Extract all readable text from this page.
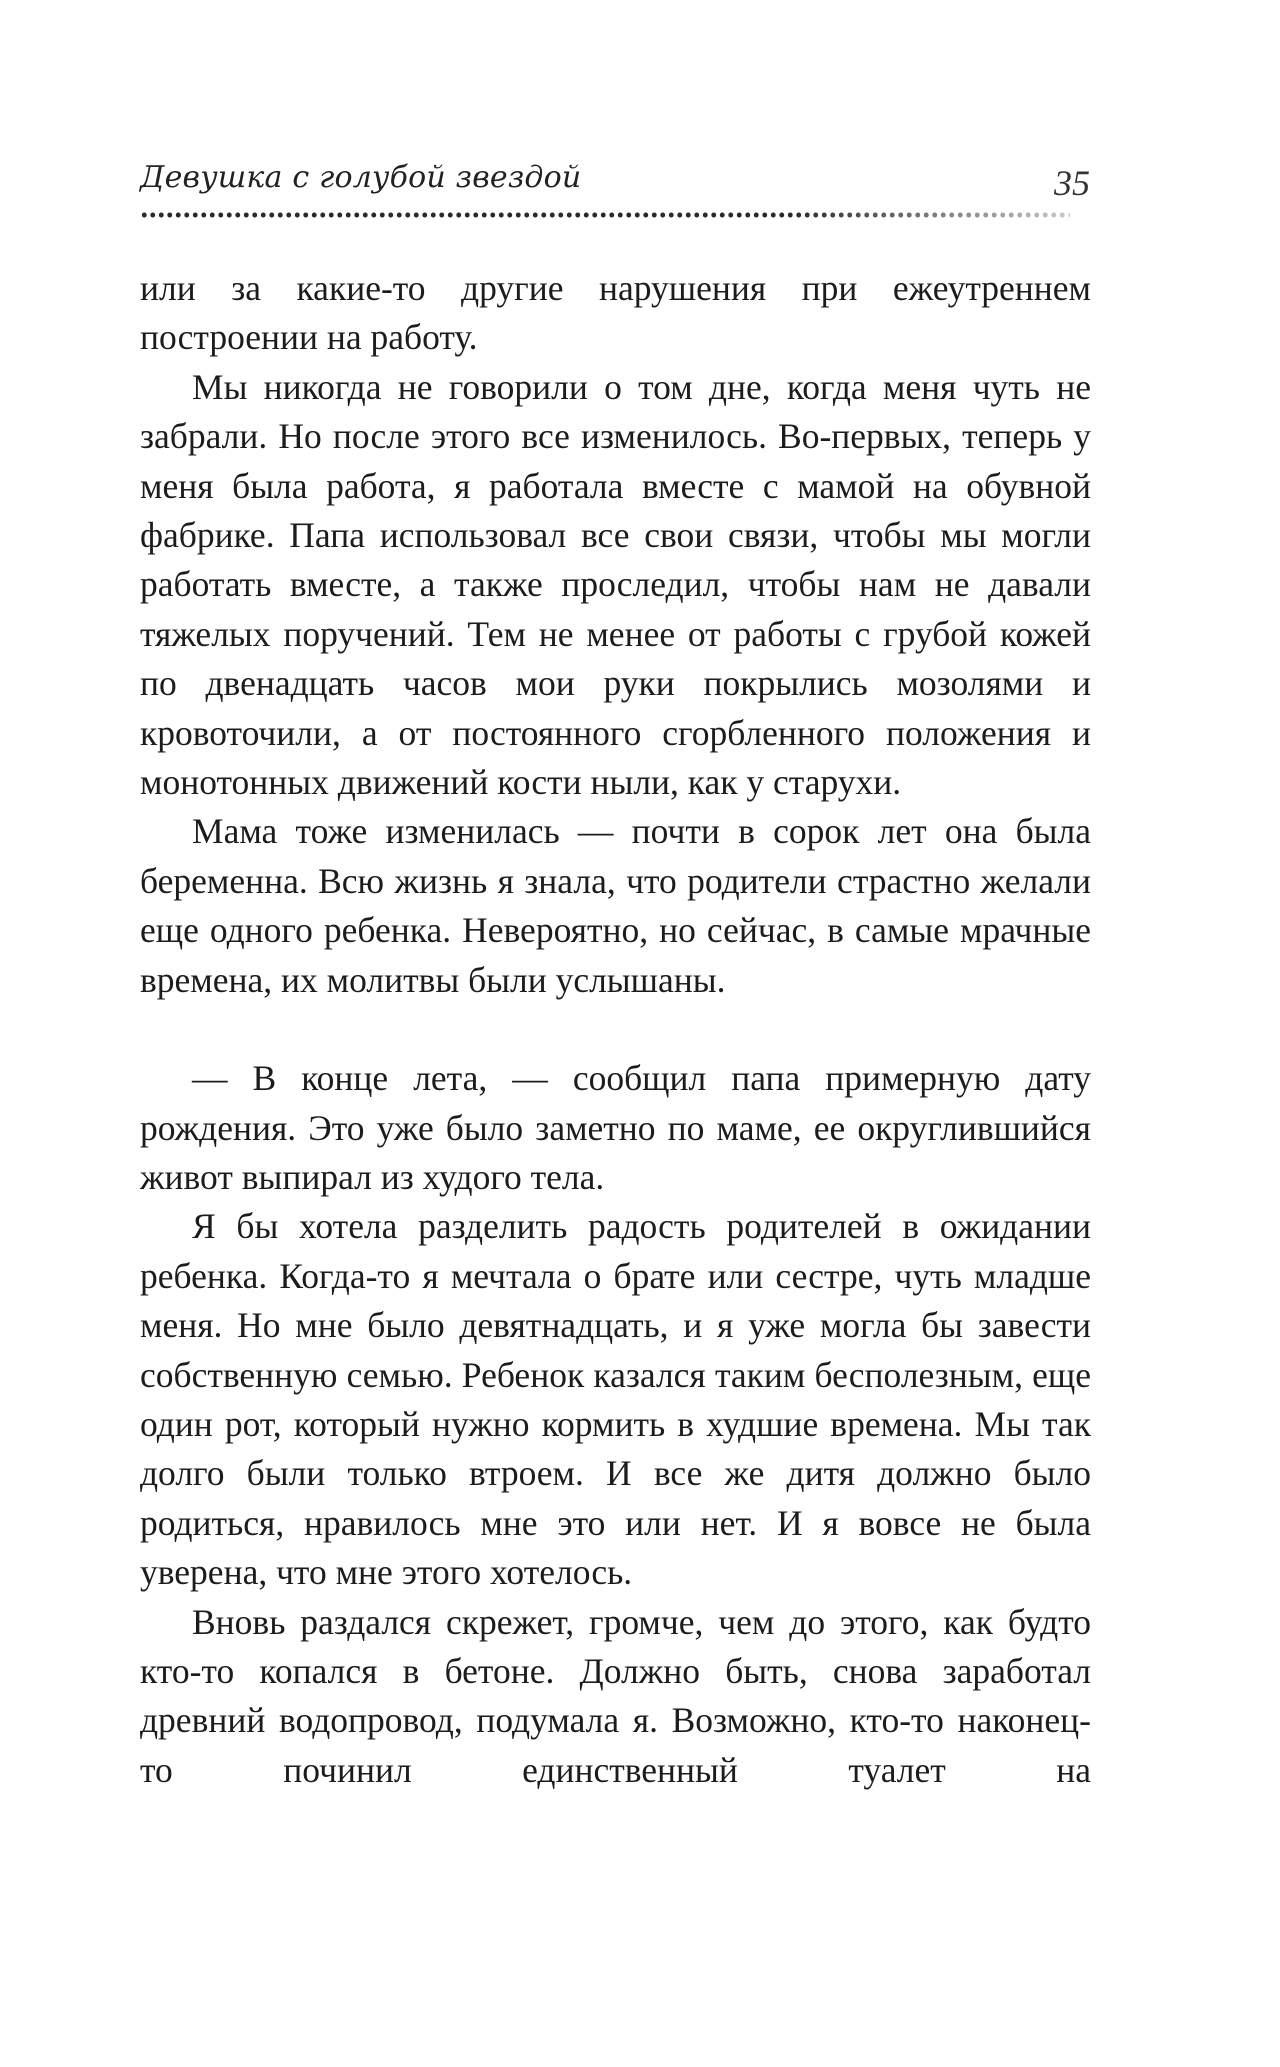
Девушка с голубой звездой	35

или за какие-то другие нарушения при ежеутреннем построении на работу.

Мы никогда не говорили о том дне, когда меня чуть не забрали. Но после этого все изменилось. Во-первых, теперь у меня была работа, я работала вместе с мамой на обувной фабрике. Папа использовал все свои связи, чтобы мы могли работать вместе, а также проследил, чтобы нам не давали тяжелых поручений. Тем не менее от работы с грубой кожей по двенадцать часов мои руки покрылись мозолями и кровоточили, а от постоянного сгорбленного положения и монотонных движений кости ныли, как у старухи.

Мама тоже изменилась — почти в сорок лет она была беременна. Всю жизнь я знала, что родители страстно желали еще одного ребенка. Невероятно, но сейчас, в самые мрачные времена, их молитвы были услышаны.

— В конце лета, — сообщил папа примерную дату рождения. Это уже было заметно по маме, ее округлившийся живот выпирал из худого тела.

Я бы хотела разделить радость родителей в ожидании ребенка. Когда-то я мечтала о брате или сестре, чуть младше меня. Но мне было девятнадцать, и я уже могла бы завести собственную семью. Ребенок казался таким бесполезным, еще один рот, который нужно кормить в худшие времена. Мы так долго были только втроем. И все же дитя должно было родиться, нравилось мне это или нет. И я вовсе не была уверена, что мне этого хотелось.

Вновь раздался скрежет, громче, чем до этого, как будто кто-то копался в бетоне. Должно быть, снова заработал древний водопровод, подумала я. Возможно, кто-то наконец-то починил единственный туалет на
